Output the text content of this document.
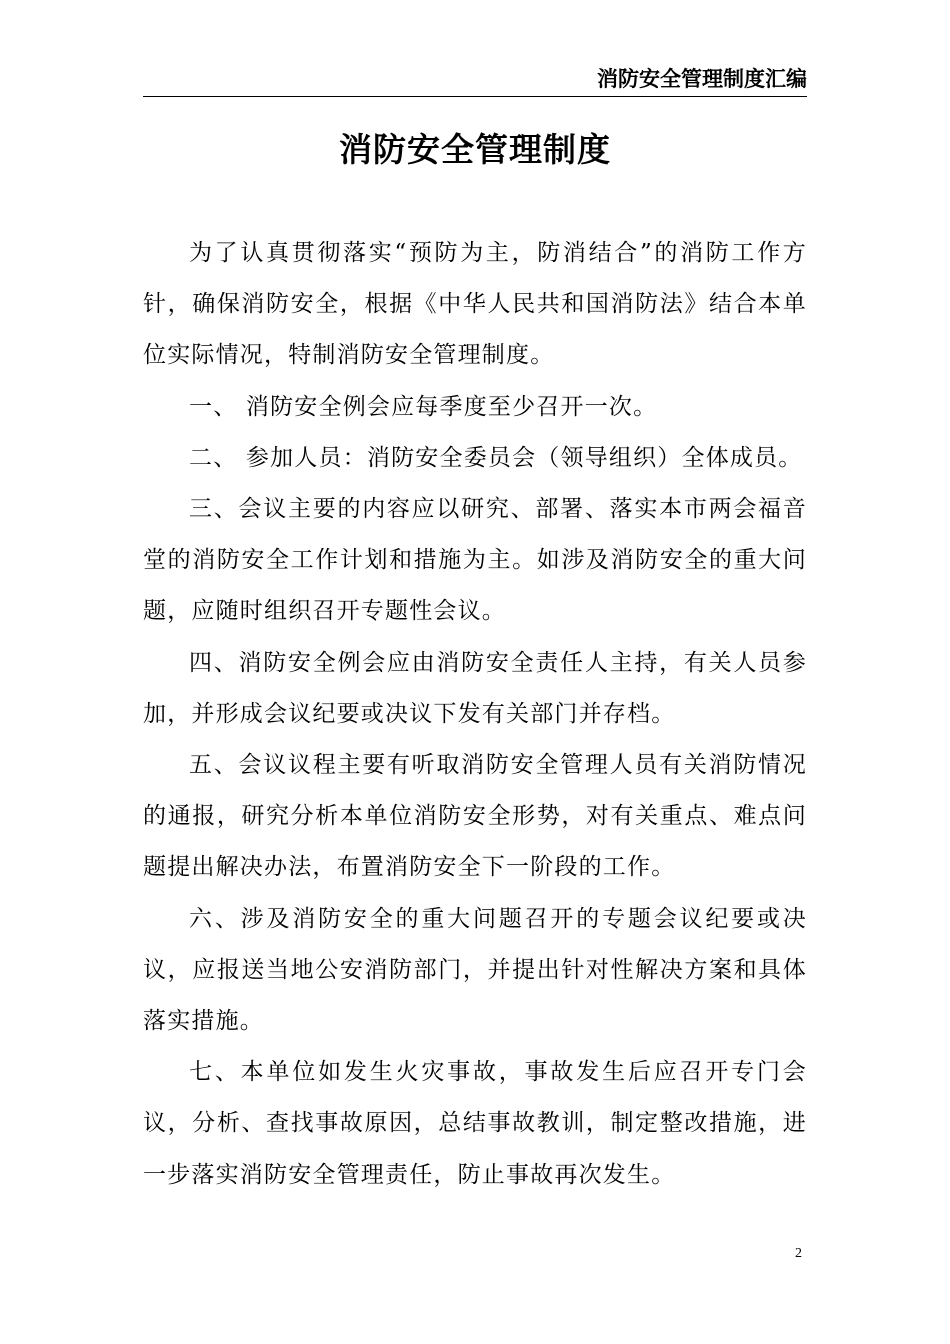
消防安全管理制度汇编
消防安全管理制度

为了认真贯彻落实“预防为主，防消结合”的消防工作方针，确保消防安全，根据《中华人民共和国消防法》结合本单位实际情况，特制消防安全管理制度。

一、 消防安全例会应每季度至少召开一次。

二、 参加人员：消防安全委员会（领导组织）全体成员。

三、会议主要的内容应以研究、部署、落实本市两会福音堂的消防安全工作计划和措施为主。如涉及消防安全的重大问题，应随时组织召开专题性会议。

四、消防安全例会应由消防安全责任人主持，有关人员参加，并形成会议纪要或决议下发有关部门并存档。

五、会议议程主要有听取消防安全管理人员有关消防情况的通报，研究分析本单位消防安全形势，对有关重点、难点问题提出解决办法，布置消防安全下一阶段的工作。

六、涉及消防安全的重大问题召开的专题会议纪要或决议，应报送当地公安消防部门，并提出针对性解决方案和具体落实措施。

七、本单位如发生火灾事故，事故发生后应召开专门会议，分析、查找事故原因，总结事故教训，制定整改措施，进一步落实消防安全管理责任，防止事故再次发生。

2
